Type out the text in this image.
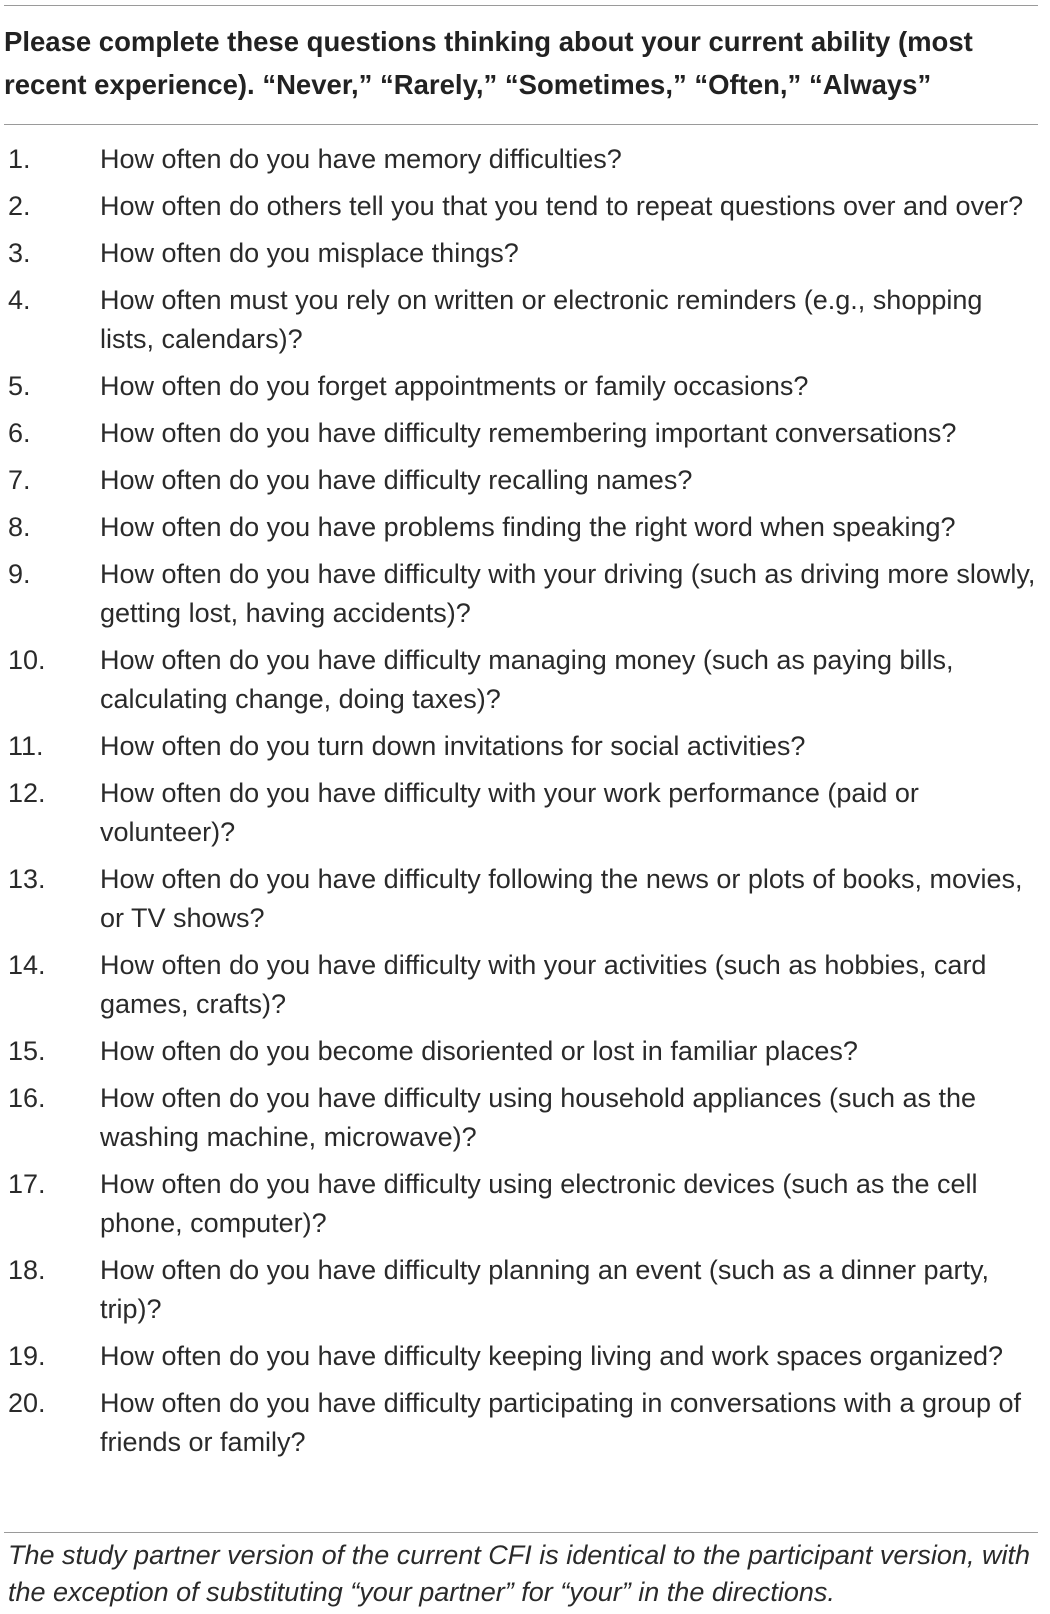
Please complete these questions thinking about your current ability (most recent experience). “Never,” “Rarely,” “Sometimes,” “Often,” “Always”
1.	How often do you have memory difficulties?
2.	How often do others tell you that you tend to repeat questions over and over?
3.	How often do you misplace things?
4.	How often must you rely on written or electronic reminders (e.g., shopping lists, calendars)?
5.	How often do you forget appointments or family occasions?
6.	How often do you have difficulty remembering important conversations?
7.	How often do you have difficulty recalling names?
8.	How often do you have problems finding the right word when speaking?
9.	How often do you have difficulty with your driving (such as driving more slowly, getting lost, having accidents)?
10.	How often do you have difficulty managing money (such as paying bills, calculating change, doing taxes)?
11.	How often do you turn down invitations for social activities?
12.	How often do you have difficulty with your work performance (paid or volunteer)?
13.	How often do you have difficulty following the news or plots of books, movies, or TV shows?
14.	How often do you have difficulty with your activities (such as hobbies, card games, crafts)?
15.	How often do you become disoriented or lost in familiar places?
16.	How often do you have difficulty using household appliances (such as the washing machine, microwave)?
17.	How often do you have difficulty using electronic devices (such as the cell phone, computer)?
18.	How often do you have difficulty planning an event (such as a dinner party, trip)?
19.	How often do you have difficulty keeping living and work spaces organized?
20.	How often do you have difficulty participating in conversations with a group of friends or family?
The study partner version of the current CFI is identical to the participant version, with the exception of substituting “your partner” for “your” in the directions.
